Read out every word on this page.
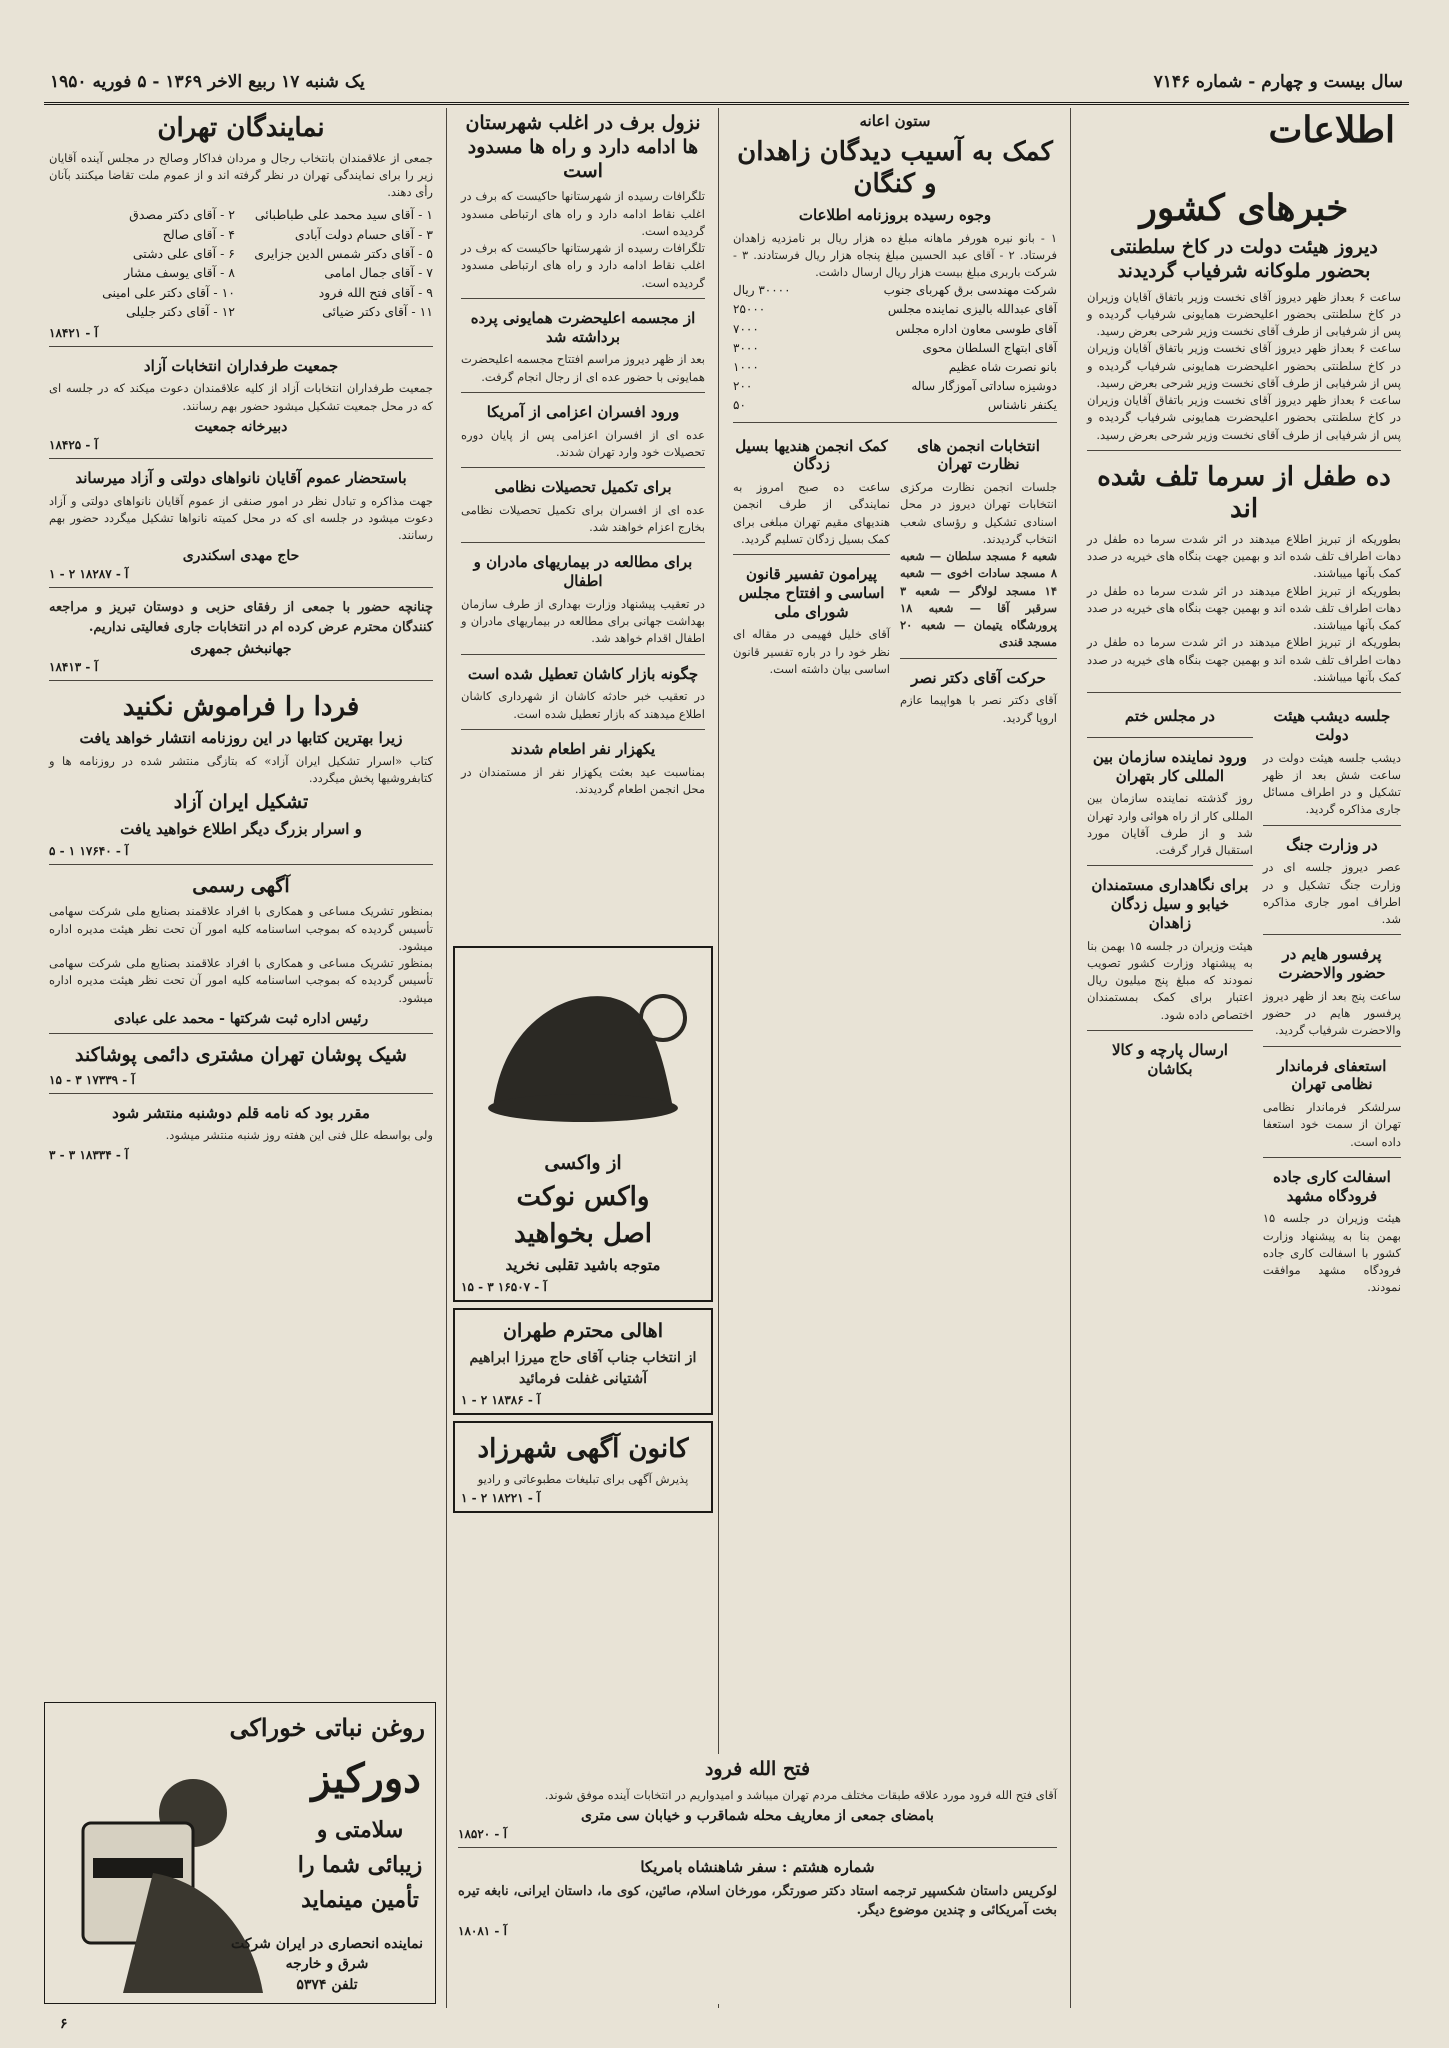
سال بیست و چهارم - شماره ۷۱۴۶
یک شنبه ۱۷ ربیع الاخر ۱۳۶۹ - ۵ فوریه ۱۹۵۰
اطلاعات
خبرهای کشور
دیروز هیئت دولت در کاخ سلطنتی بحضور ملوکانه شرفیاب گردیدند

ساعت ۶ بعداز ظهر دیروز آقای نخست وزیر باتفاق آقایان وزیران در کاخ سلطنتی بحضور اعلیحضرت همایونی شرفیاب گردیده و پس از شرفیابی از طرف آقای نخست وزیر شرحی بعرض رسید.

ساعت ۶ بعداز ظهر دیروز آقای نخست وزیر باتفاق آقایان وزیران در کاخ سلطنتی بحضور اعلیحضرت همایونی شرفیاب گردیده و پس از شرفیابی از طرف آقای نخست وزیر شرحی بعرض رسید.

ساعت ۶ بعداز ظهر دیروز آقای نخست وزیر باتفاق آقایان وزیران در کاخ سلطنتی بحضور اعلیحضرت همایونی شرفیاب گردیده و پس از شرفیابی از طرف آقای نخست وزیر شرحی بعرض رسید.

ده طفل از سرما تلف شده اند

بطوریکه از تبریز اطلاع میدهند در اثر شدت سرما ده طفل در دهات اطراف تلف شده اند و بهمین جهت بنگاه های خیریه در صدد کمک بآنها میباشند.

بطوریکه از تبریز اطلاع میدهند در اثر شدت سرما ده طفل در دهات اطراف تلف شده اند و بهمین جهت بنگاه های خیریه در صدد کمک بآنها میباشند.

بطوریکه از تبریز اطلاع میدهند در اثر شدت سرما ده طفل در دهات اطراف تلف شده اند و بهمین جهت بنگاه های خیریه در صدد کمک بآنها میباشند.

جلسه دیشب هیئت دولت

دیشب جلسه هیئت دولت در ساعت شش بعد از ظهر تشکیل و در اطراف مسائل جاری مذاکره گردید.

در وزارت جنگ

عصر دیروز جلسه ای در وزارت جنگ تشکیل و در اطراف امور جاری مذاکره شد.

پرفسور هایم در حضور والاحضرت

ساعت پنج بعد از ظهر دیروز پرفسور هایم در حضور والاحضرت شرفیاب گردید.

استعفای فرماندار نظامی تهران

سرلشکر فرماندار نظامی تهران از سمت خود استعفا داده است.

اسفالت کاری جاده فرودگاه مشهد

هیئت وزیران در جلسه ۱۵ بهمن بنا به پیشنهاد وزارت کشور با اسفالت کاری جاده فرودگاه مشهد موافقت نمودند.

در مجلس ختم
ورود نماینده سازمان بین المللی کار بتهران

روز گذشته نماینده سازمان بین المللی کار از راه هوائی وارد تهران شد و از طرف آقایان مورد استقبال قرار گرفت.

برای نگاهداری مستمندان خیابو و سیل زدگان زاهدان

هیئت وزیران در جلسه ۱۵ بهمن بنا به پیشنهاد وزارت کشور تصویب نمودند که مبلغ پنج میلیون ریال اعتبار برای کمک بمستمندان اختصاص داده شود.

ارسال پارچه و کالا بکاشان
ستون اعانه
کمک به آسیب دیدگان زاهدان و کنگان
وجوه رسیده بروزنامه اطلاعات

۱ - بانو نیره هورفر ماهانه مبلغ ده هزار ریال بر نامزدیه زاهدان فرستاد. ۲ - آقای عبد الحسین مبلغ پنجاه هزار ریال فرستادند. ۳ - شرکت باربری مبلغ بیست هزار ریال ارسال داشت.

شرکت مهندسی برق کهربای جنوب
۳۰۰۰۰ ریال
آقای عبدالله بالیزی نماینده مجلس
۲۵۰۰۰
آقای طوسی معاون اداره مجلس
۷۰۰۰
آقای ابتهاج السلطان محوی
۳۰۰۰
بانو نصرت شاه عظیم
۱۰۰۰
دوشیزه ساداتی آموزگار ساله
۲۰۰
یکنفر ناشناس
۵۰
انتخابات انجمن های نظارت تهران

جلسات انجمن نظارت مرکزی انتخابات تهران دیروز در محل اسنادی تشکیل و رؤسای شعب انتخاب گردیدند.

شعبه ۶ مسجد سلطان — شعبه ۸ مسجد سادات اخوی — شعبه ۱۴ مسجد لولاگر — شعبه ۳ سرقبر آقا — شعبه ۱۸ پرورشگاه یتیمان — شعبه ۲۰ مسجد قندی

حرکت آقای دکتر نصر

آقای دکتر نصر با هواپیما عازم اروپا گردید.

کمک انجمن هندیها بسیل زدگان

ساعت ده صبح امروز به نمایندگی از طرف انجمن هندیهای مقیم تهران مبلغی برای کمک بسیل زدگان تسلیم گردید.

پیرامون تفسیر قانون اساسی و افتتاح مجلس شورای ملی

آقای خلیل فهیمی در مقاله ای نظر خود را در باره تفسیر قانون اساسی بیان داشته است.

نزول برف در اغلب شهرستان ها ادامه دارد و راه ها مسدود است

تلگرافات رسیده از شهرستانها حاکیست که برف در اغلب نقاط ادامه دارد و راه های ارتباطی مسدود گردیده است.

تلگرافات رسیده از شهرستانها حاکیست که برف در اغلب نقاط ادامه دارد و راه های ارتباطی مسدود گردیده است.

از مجسمه اعلیحضرت همایونی پرده برداشته شد

بعد از ظهر دیروز مراسم افتتاح مجسمه اعلیحضرت همایونی با حضور عده ای از رجال انجام گرفت.

ورود افسران اعزامی از آمریکا

عده ای از افسران اعزامی پس از پایان دوره تحصیلات خود وارد تهران شدند.

برای تکمیل تحصیلات نظامی

عده ای از افسران برای تکمیل تحصیلات نظامی بخارج اعزام خواهند شد.

برای مطالعه در بیماریهای مادران و اطفال

در تعقیب پیشنهاد وزارت بهداری از طرف سازمان بهداشت جهانی برای مطالعه در بیماریهای مادران و اطفال اقدام خواهد شد.

چگونه بازار کاشان تعطیل شده است

در تعقیب خبر حادثه کاشان از شهرداری کاشان اطلاع میدهند که بازار تعطیل شده است.

یکهزار نفر اطعام شدند

بمناسبت عید بعثت یکهزار نفر از مستمندان در محل انجمن اطعام گردیدند.

نمایندگان تهران

جمعی از علاقمندان بانتخاب رجال و مردان فداکار وصالح در مجلس آینده آقایان زیر را برای نمایندگی تهران در نظر گرفته اند و از عموم ملت تقاضا میکنند بآنان رأی دهند.

۱ - آقای سید محمد علی طباطبائی
۲ - آقای دکتر مصدق
۳ - آقای حسام دولت آبادی
۴ - آقای صالح
۵ - آقای دکتر شمس الدین جزایری
۶ - آقای علی دشتی
۷ - آقای جمال امامی
۸ - آقای یوسف مشار
۹ - آقای فتح الله فرود
۱۰ - آقای دکتر علی امینی
۱۱ - آقای دکتر ضیائی
۱۲ - آقای دکتر جلیلی
آ - ۱۸۴۲۱
جمعیت طرفداران انتخابات آزاد

جمعیت طرفداران انتخابات آزاد از کلیه علاقمندان دعوت میکند که در جلسه ای که در محل جمعیت تشکیل میشود حضور بهم رسانند.

دبیرخانه جمعیت
آ - ۱۸۴۲۵
باستحضار عموم آقایان نانواهای دولتی و آزاد میرساند

جهت مذاکره و تبادل نظر در امور صنفی از عموم آقایان نانواهای دولتی و آزاد دعوت میشود در جلسه ای که در محل کمیته نانواها تشکیل میگردد حضور بهم رسانند.

حاج مهدی اسکندری
آ - ۱۸۲۸۷ ۲ - ۱

چنانچه حضور با جمعی از رفقای حزبی و دوستان تبریز و مراجعه کنندگان محترم عرض کرده ام در انتخابات جاری فعالیتی نداریم.

جهانبخش جمهری
آ - ۱۸۴۱۳
فردا را فراموش نکنید
زیرا بهترین کتابها در این روزنامه انتشار خواهد یافت

کتاب «اسرار تشکیل ایران آزاد» که بتازگی منتشر شده در روزنامه ها و کتابفروشیها پخش میگردد.

تشکیل ایران آزاد
و اسرار بزرگ دیگر اطلاع خواهید یافت
آ - ۱۷۶۴۰ ۱ - ۵
آگهی رسمی

بمنظور تشریک مساعی و همکاری با افراد علاقمند بصنایع ملی شرکت سهامی تأسیس گردیده که بموجب اساسنامه کلیه امور آن تحت نظر هیئت مدیره اداره میشود.

بمنظور تشریک مساعی و همکاری با افراد علاقمند بصنایع ملی شرکت سهامی تأسیس گردیده که بموجب اساسنامه کلیه امور آن تحت نظر هیئت مدیره اداره میشود.

رئیس اداره ثبت شرکتها - محمد علی عبادی
شیک پوشان تهران مشتری دائمی پوشاکند
آ - ۱۷۳۳۹ ۳ - ۱۵
مقرر بود که نامه قلم دوشنبه منتشر شود

ولی بواسطه علل فنی این هفته روز شنبه منتشر میشود.

آ - ۱۸۳۳۴ ۳ - ۳	از واکسی
واکس نوکت
اصل بخواهید
متوجه باشید تقلبی نخرید
آ - ۱۶۵۰۷ ۳ - ۱۵
اهالی محترم طهران

از انتخاب جناب آقای حاج میرزا ابراهیم آشتیانی غفلت فرمائید

آ - ۱۸۳۸۶ ۲ - ۱
کانون آگهی شهرزاد

پذیرش آگهی برای تبلیغات مطبوعاتی و رادیو

آ - ۱۸۲۲۱ ۲ - ۱
روغن نباتی خوراکی
دورکیز
سلامتی و زیبائی شما را تأمین مینماید
نماینده انحصاری در ایران شرکت شرق و خارجه
تلفن ۵۳۷۴
فتح الله فرود

آقای فتح الله فرود مورد علاقه طبقات مختلف مردم تهران میباشد و امیدواریم در انتخابات آینده موفق شوند.

بامضای جمعی از معاریف محله شماقرب و خیابان سی متری
آ - ۱۸۵۲۰
شماره هشتم : سفر شاهنشاه بامریکا

لوکریس داستان شکسپیر ترجمه استاد دکتر صورتگر، مورخان اسلام، صائین، کوی ما، داستان ایرانی، نابغه تیره بخت آمریکائی و چندین موضوع دیگر.

آ - ۱۸۰۸۱
۶
